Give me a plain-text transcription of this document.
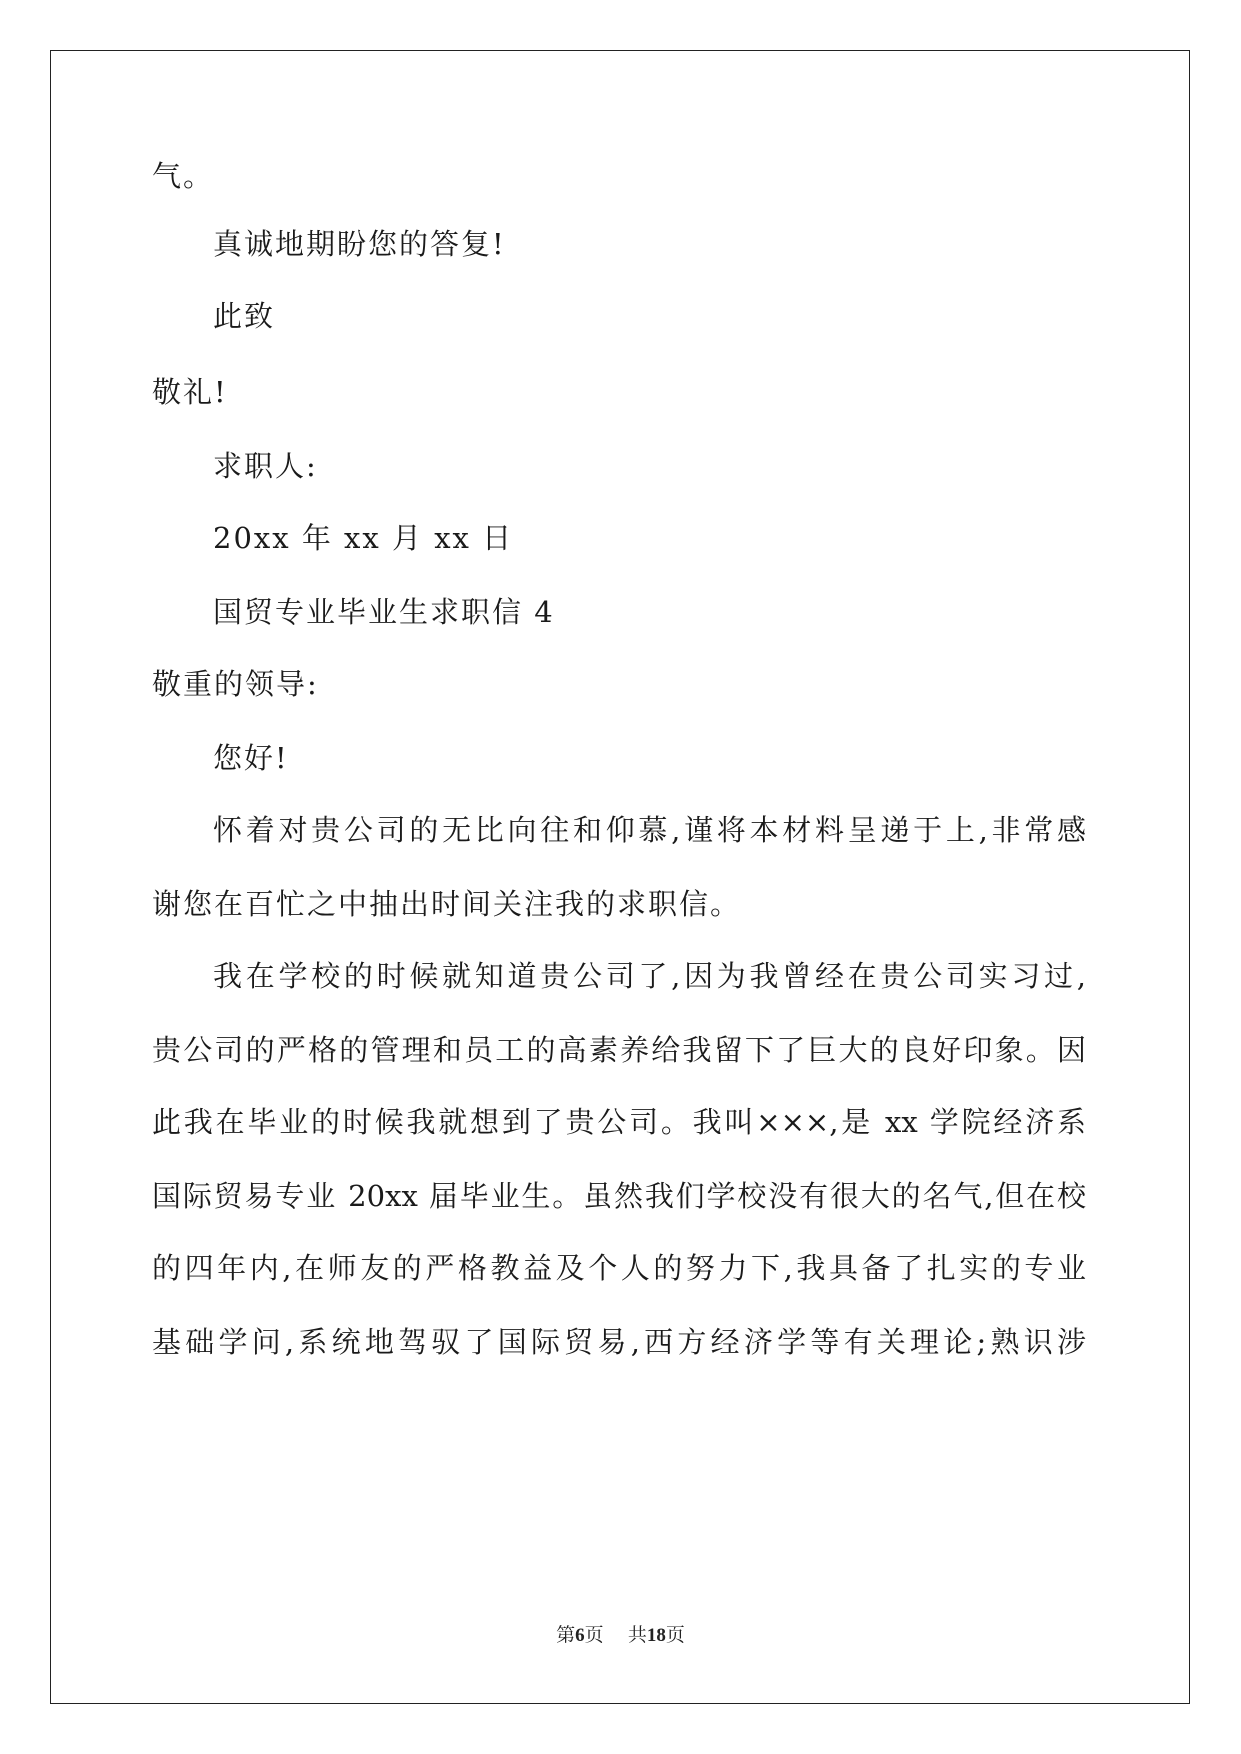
气。
真诚地期盼您的答复!
此致
敬礼!
求职人:
20xx 年 xx 月 xx 日
国贸专业毕业生求职信 4
敬重的领导:
您好!
怀着对贵公司的无比向往和仰慕,谨将本材料呈递于上,非常感
谢您在百忙之中抽出时间关注我的求职信。
我在学校的时候就知道贵公司了,因为我曾经在贵公司实习过,
贵公司的严格的管理和员工的高素养给我留下了巨大的良好印象。因
此我在毕业的时候我就想到了贵公司。我叫×××,是 xx 学院经济系
国际贸易专业 20xx 届毕业生。虽然我们学校没有很大的名气,但在校
的四年内,在师友的严格教益及个人的努力下,我具备了扎实的专业
基础学问,系统地驾驭了国际贸易,西方经济学等有关理论;熟识涉
第6页 共18页
